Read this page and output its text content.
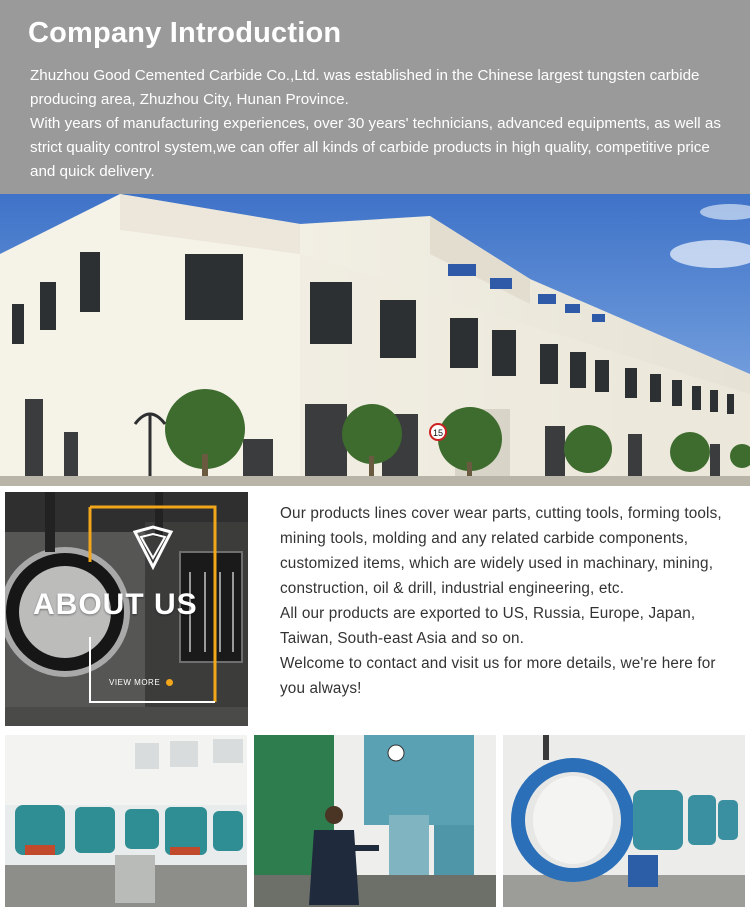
Company Introduction

Zhuzhou Good Cemented Carbide Co.,Ltd. was established in the Chinese largest tungsten carbide producing area, Zhuzhou City, Hunan Province.

With years of manufacturing experiences, over 30 years' technicians, advanced equipments, as well as strict quality control system,we can offer all kinds of carbide products in high quality, competitive price and quick delivery.

15
ABOUT US
VIEW MORE

Our products lines cover wear parts, cutting tools, forming tools, mining tools, molding and any related carbide components, customized items, which are widely used in machinary, mining, construction, oil & drill, industrial engineering, etc.

All our products are exported to US, Russia, Europe, Japan, Taiwan, South-east Asia and so on.

Welcome to contact and visit us for more details, we're here for you always!
